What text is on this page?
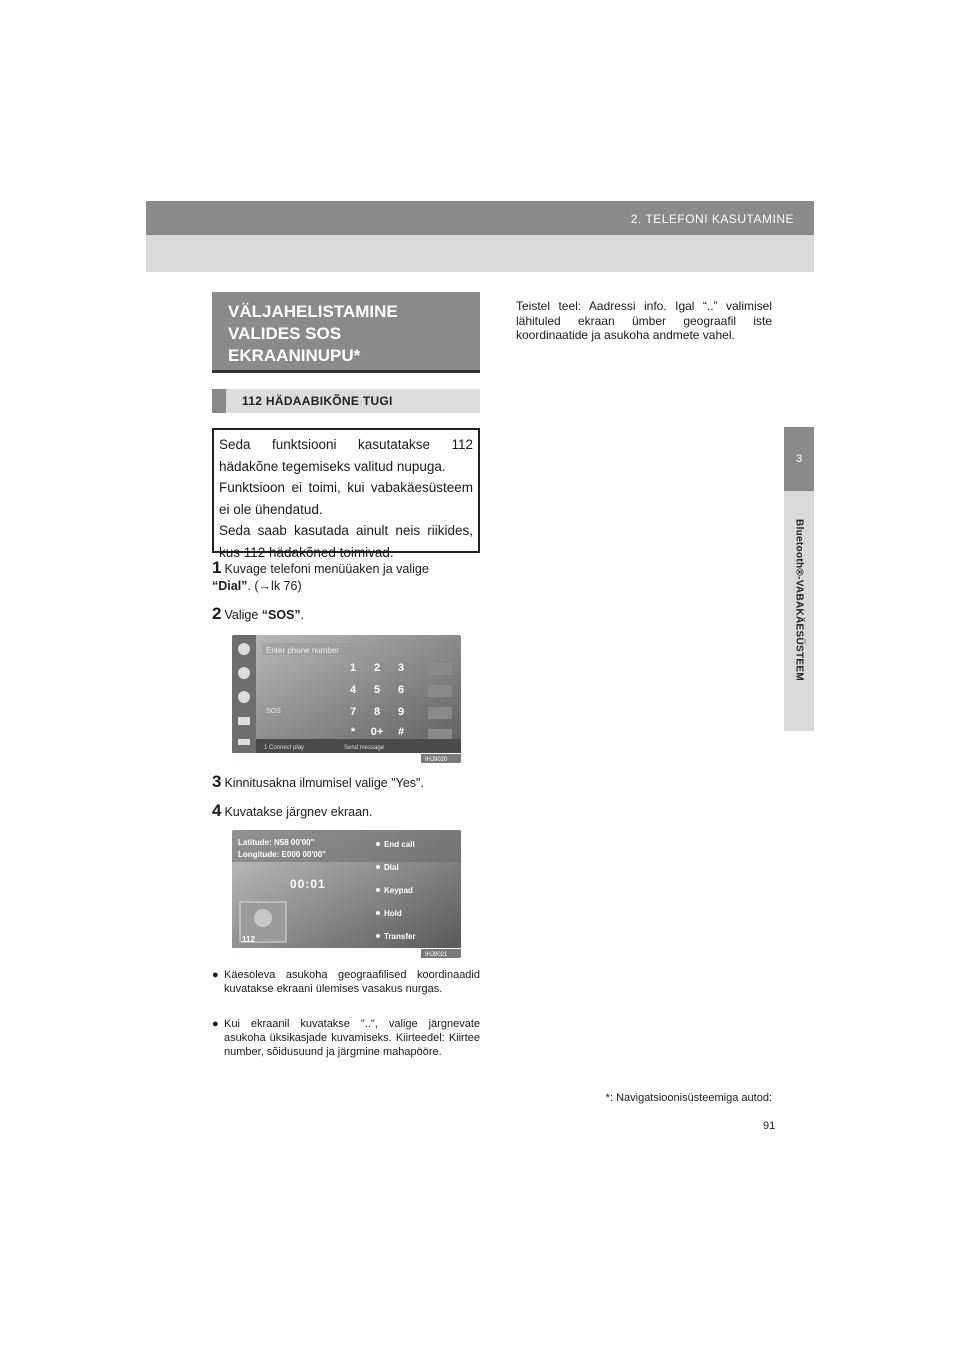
2. TELEFONI KASUTAMINE
3
Bluetooth®-VABAKÄESÜSTEEM
VÄLJAHELISTAMINE
VALIDES SOS
EKRAANINUPU*
112 HÄDAABIKÕNE TUGI

Seda funktsiooni kasutatakse 112 hädakõne tegemiseks valitud nupuga.

Funktsioon ei toimi, kui vabakäesüsteem ei ole ühendatud.

Seda saab kasutada ainult neis riikides, kus 112 hädakõned toimivad.

1 Kuvage telefoni menüüaken ja valige
“Dial”. (→lk 76)
2 Valige “SOS”.
Enter phone number
1 2 3
4 5 6
7 8 9
* 0+ #
SOS
1 Connect play	Send message
IHJ9020
3 Kinnitusakna ilmumisel valige "Yes".
4 Kuvatakse järgnev ekraan.
Latitude: N58 00'00"
Longitude: E000 00'00"
00:01
End call
Dial
Keypad
Hold
Transfer
112
IHJ9021
● Käesoleva asukoha geograafilised koordinaadid kuvatakse ekraani ülemises vasakus nurgas.
● Kui ekraanil kuvatakse "..", valige järgnevate asukoha üksikasjade kuvamiseks. Kiirteedel: Kiirtee number, sõidusuund ja järgmine mahapööre.
Teistel teel: Aadressi info. Igal “..” valimisel lähituled ekraan ümber geograafil iste koordinaatide ja asukoha andmete vahel.
*: Navigatsioonisüsteemiga autod:
91
